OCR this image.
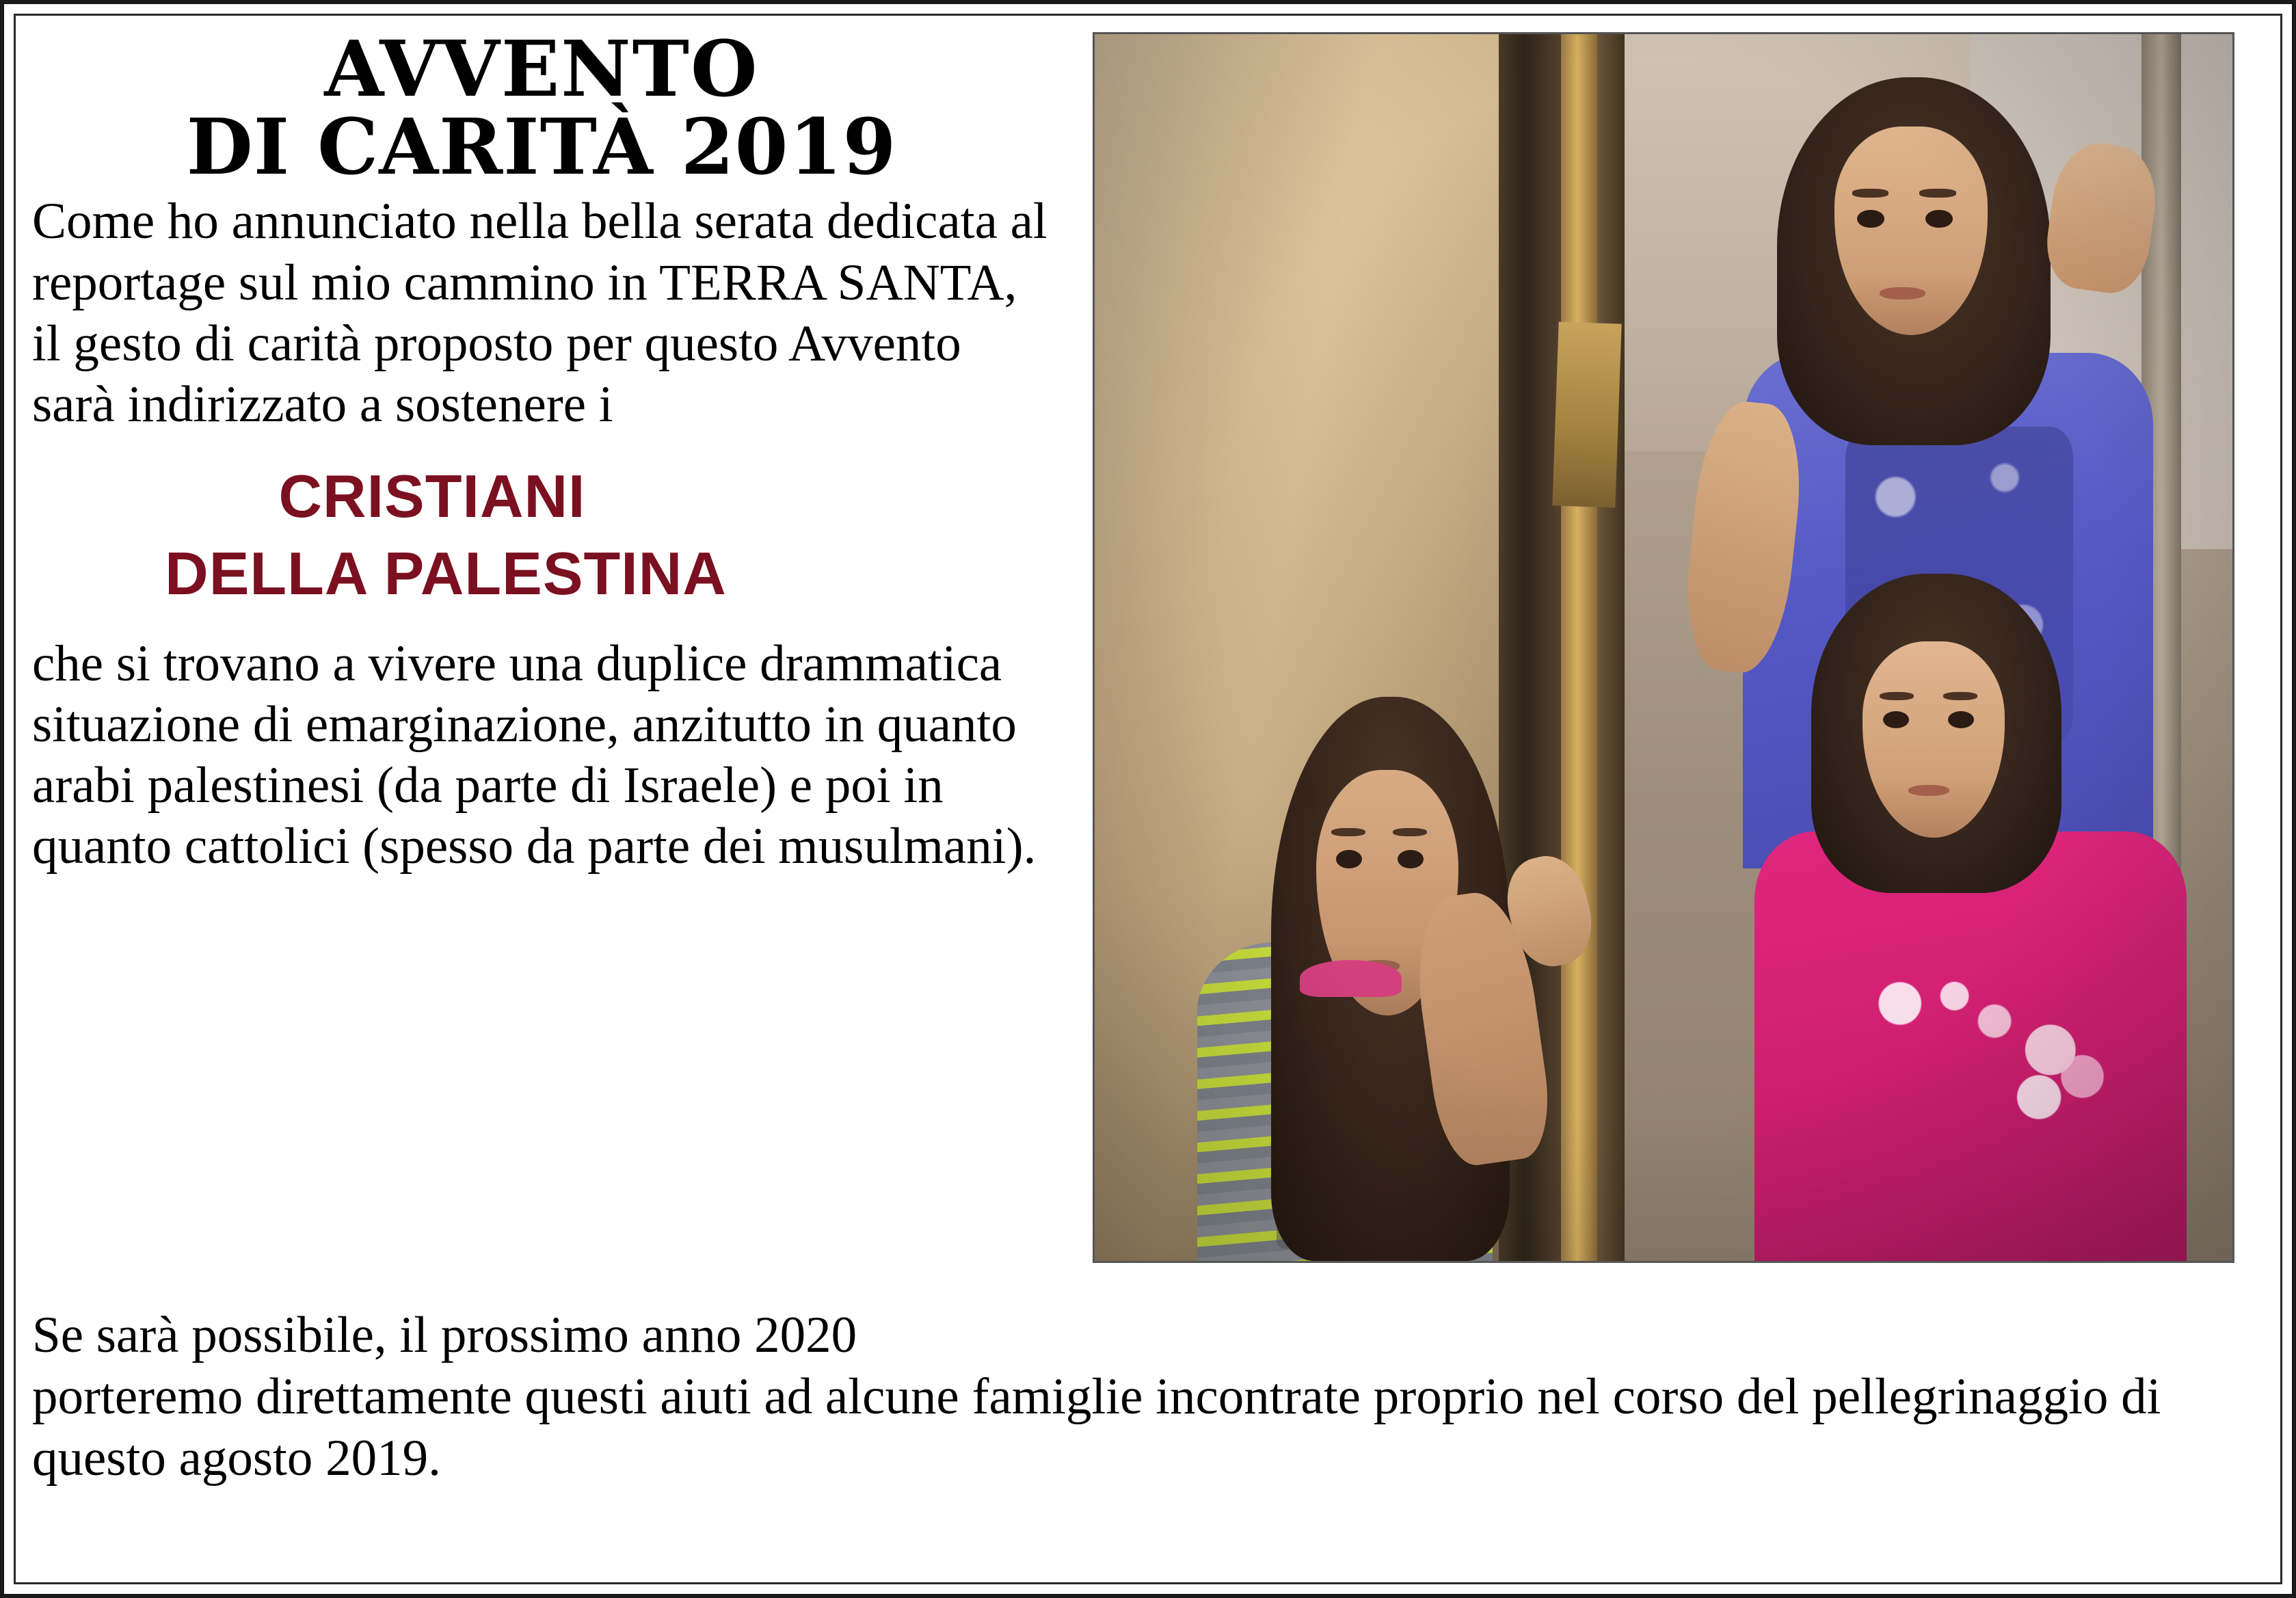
AVVENTO
DI CARITÀ 2019

Come ho annunciato nella bella serata dedicata al reportage sul mio cammino in TERRA SANTA, il gesto di carità proposto per questo Avvento sarà indirizzato a sostenere i

CRISTIANI
DELLA PALESTINA

che si trovano a vivere una duplice drammatica situazione di emarginazione, anzitutto in quanto arabi palestinesi (da parte di Israele) e poi in quanto cattolici (spesso da parte dei musulmani).

Se sarà possibile, il prossimo anno 2020
porteremo direttamente questi aiuti ad alcune famiglie incontrate proprio nel corso del pellegrinaggio di questo agosto 2019.
